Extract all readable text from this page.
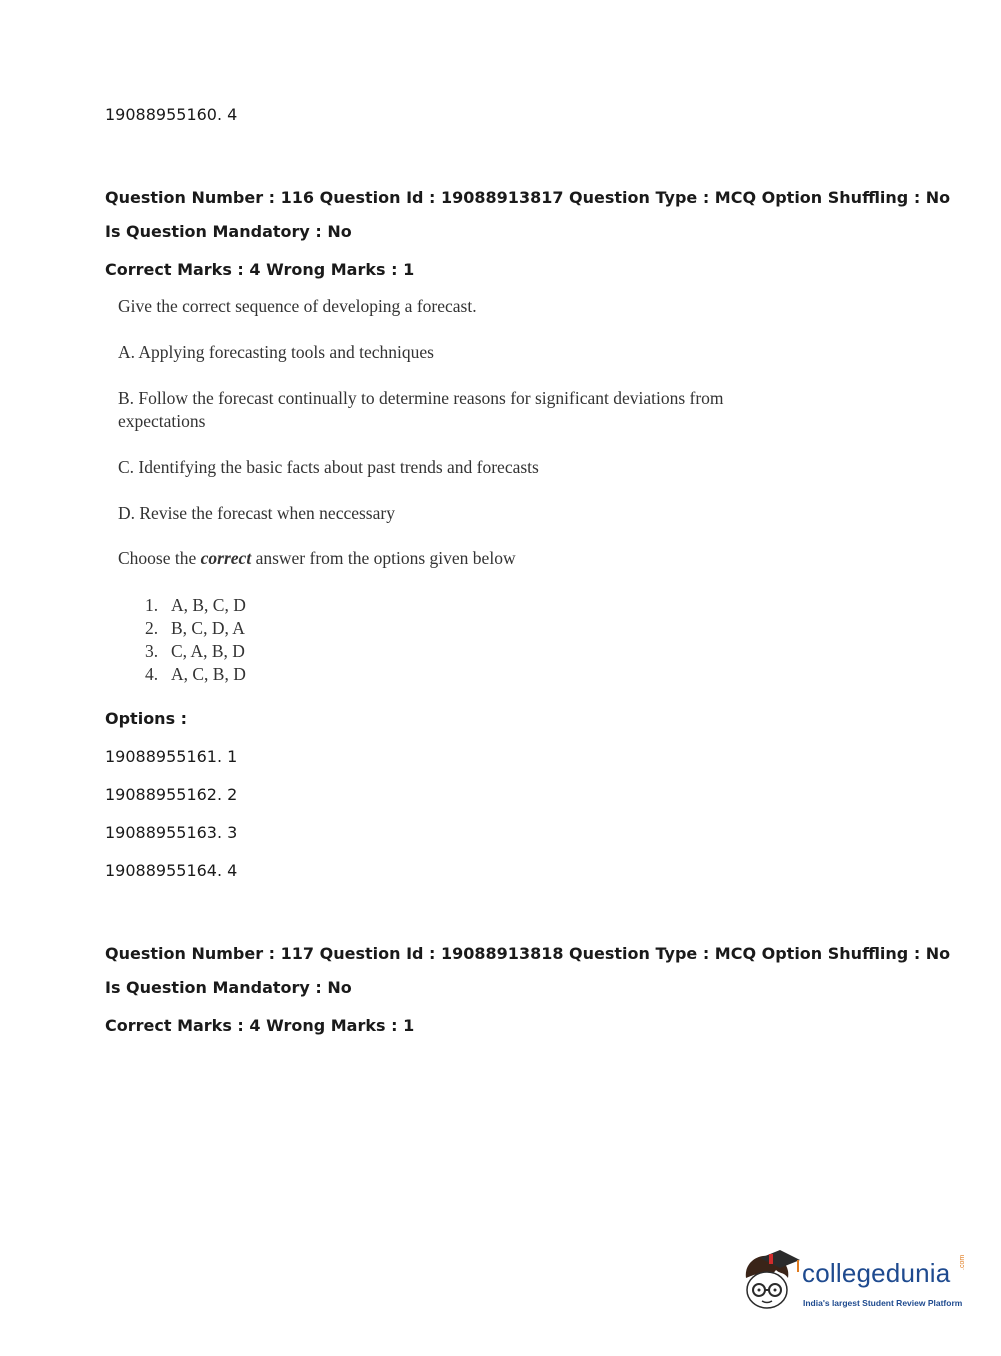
19088955160. 4
Question Number : 116 Question Id : 19088913817 Question Type : MCQ Option Shuffling : No
Is Question Mandatory : No
Correct Marks : 4 Wrong Marks : 1
Give the correct sequence of developing a forecast.
A. Applying forecasting tools and techniques
B. Follow the forecast continually to determine reasons for significant deviations from
expectations
C. Identifying the basic facts about past trends and forecasts
D. Revise the forecast when neccessary
Choose the correct answer from the options given below
1. A, B, C, D
2. B, C, D, A
3. C, A, B, D
4. A, C, B, D
Options :
19088955161. 1
19088955162. 2
19088955163. 3
19088955164. 4
Question Number : 117 Question Id : 19088913818 Question Type : MCQ Option Shuffling : No
Is Question Mandatory : No
Correct Marks : 4 Wrong Marks : 1
collegedunia .com
India's largest Student Review Platform
